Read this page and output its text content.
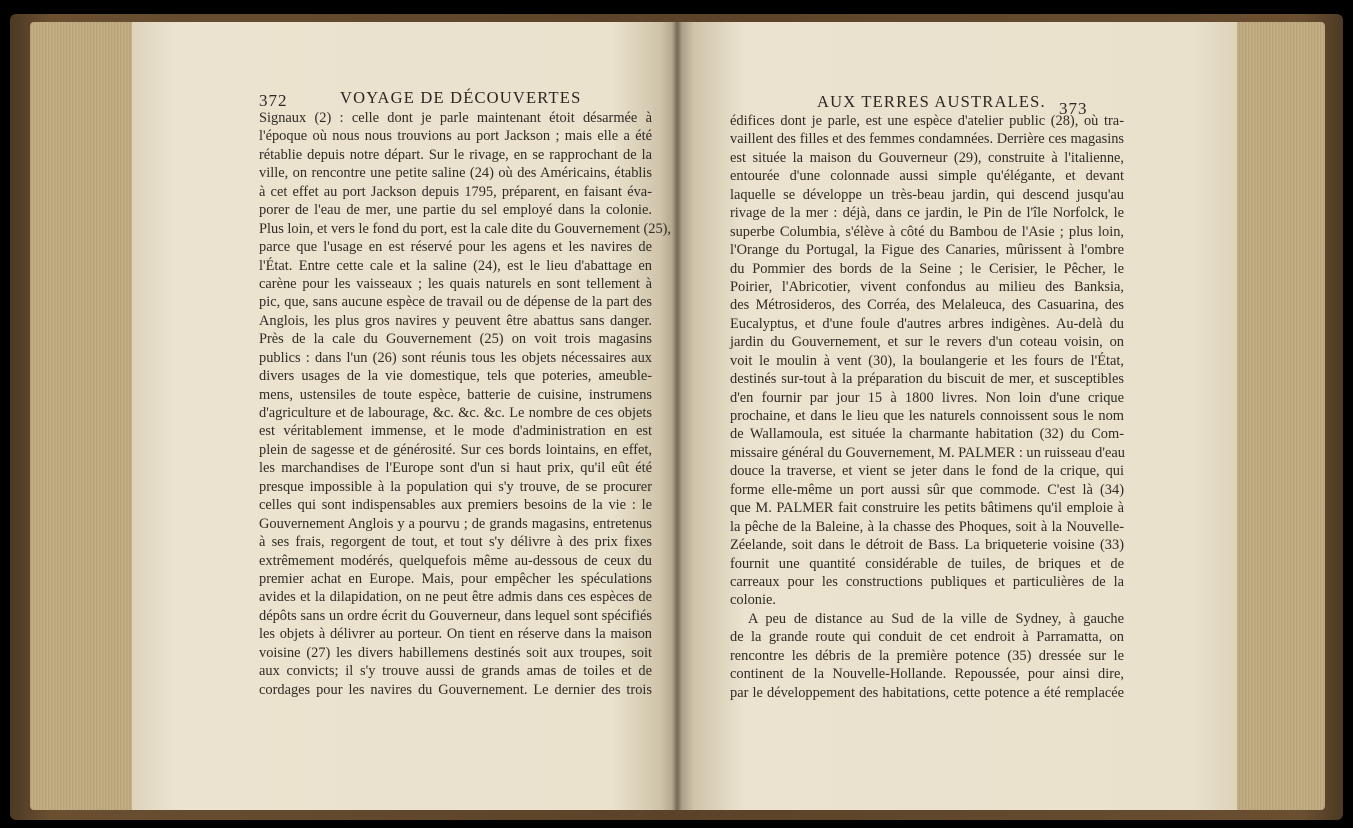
372	VOYAGE DE DÉCOUVERTES
Signaux (2) : celle dont je parle maintenant étoit désarmée à
l'époque où nous nous trouvions au port Jackson ; mais elle a été
rétablie depuis notre départ. Sur le rivage, en se rapprochant de la
ville, on rencontre une petite saline (24) où des Américains, établis
à cet effet au port Jackson depuis 1795, préparent, en faisant éva-
porer de l'eau de mer, une partie du sel employé dans la colonie.
Plus loin, et vers le fond du port, est la cale dite du Gouvernement (25),
parce que l'usage en est réservé pour les agens et les navires de
l'État. Entre cette cale et la saline (24), est le lieu d'abattage en
carène pour les vaisseaux ; les quais naturels en sont tellement à
pic, que, sans aucune espèce de travail ou de dépense de la part des
Anglois, les plus gros navires y peuvent être abattus sans danger.
Près de la cale du Gouvernement (25) on voit trois magasins
publics : dans l'un (26) sont réunis tous les objets nécessaires aux
divers usages de la vie domestique, tels que poteries, ameuble-
mens, ustensiles de toute espèce, batterie de cuisine, instrumens
d'agriculture et de labourage, &c. &c. &c. Le nombre de ces objets
est véritablement immense, et le mode d'administration en est
plein de sagesse et de générosité. Sur ces bords lointains, en effet,
les marchandises de l'Europe sont d'un si haut prix, qu'il eût été
presque impossible à la population qui s'y trouve, de se procurer
celles qui sont indispensables aux premiers besoins de la vie : le
Gouvernement Anglois y a pourvu ; de grands magasins, entretenus
à ses frais, regorgent de tout, et tout s'y délivre à des prix fixes
extrêmement modérés, quelquefois même au-dessous de ceux du
premier achat en Europe. Mais, pour empêcher les spéculations
avides et la dilapidation, on ne peut être admis dans ces espèces de
dépôts sans un ordre écrit du Gouverneur, dans lequel sont spécifiés
les objets à délivrer au porteur. On tient en réserve dans la maison
voisine (27) les divers habillemens destinés soit aux troupes, soit
aux convicts; il s'y trouve aussi de grands amas de toiles et de
cordages pour les navires du Gouvernement. Le dernier des trois
AUX TERRES AUSTRALES. 373
édifices dont je parle, est une espèce d'atelier public (28), où tra-
vaillent des filles et des femmes condamnées. Derrière ces magasins
est située la maison du Gouverneur (29), construite à l'italienne,
entourée d'une colonnade aussi simple qu'élégante, et devant
laquelle se développe un très-beau jardin, qui descend jusqu'au
rivage de la mer : déjà, dans ce jardin, le Pin de l'île Norfolck, le
superbe Columbia, s'élève à côté du Bambou de l'Asie ; plus loin,
l'Orange du Portugal, la Figue des Canaries, mûrissent à l'ombre
du Pommier des bords de la Seine ; le Cerisier, le Pêcher, le
Poirier, l'Abricotier, vivent confondus au milieu des Banksia,
des Métrosideros, des Corréa, des Melaleuca, des Casuarina, des
Eucalyptus, et d'une foule d'autres arbres indigènes. Au-delà du
jardin du Gouvernement, et sur le revers d'un coteau voisin, on
voit le moulin à vent (30), la boulangerie et les fours de l'État,
destinés sur-tout à la préparation du biscuit de mer, et susceptibles
d'en fournir par jour 15 à 1800 livres. Non loin d'une crique
prochaine, et dans le lieu que les naturels connoissent sous le nom
de Wallamoula, est située la charmante habitation (32) du Com-
missaire général du Gouvernement, M. PALMER : un ruisseau d'eau
douce la traverse, et vient se jeter dans le fond de la crique, qui
forme elle-même un port aussi sûr que commode. C'est là (34)
que M. PALMER fait construire les petits bâtimens qu'il emploie à
la pêche de la Baleine, à la chasse des Phoques, soit à la Nouvelle-
Zéelande, soit dans le détroit de Bass. La briqueterie voisine (33)
fournit une quantité considérable de tuiles, de briques et de
carreaux pour les constructions publiques et particulières de la
colonie.
A peu de distance au Sud de la ville de Sydney, à gauche
de la grande route qui conduit de cet endroit à Parramatta, on
rencontre les débris de la première potence (35) dressée sur le
continent de la Nouvelle-Hollande. Repoussée, pour ainsi dire,
par le développement des habitations, cette potence a été remplacée
